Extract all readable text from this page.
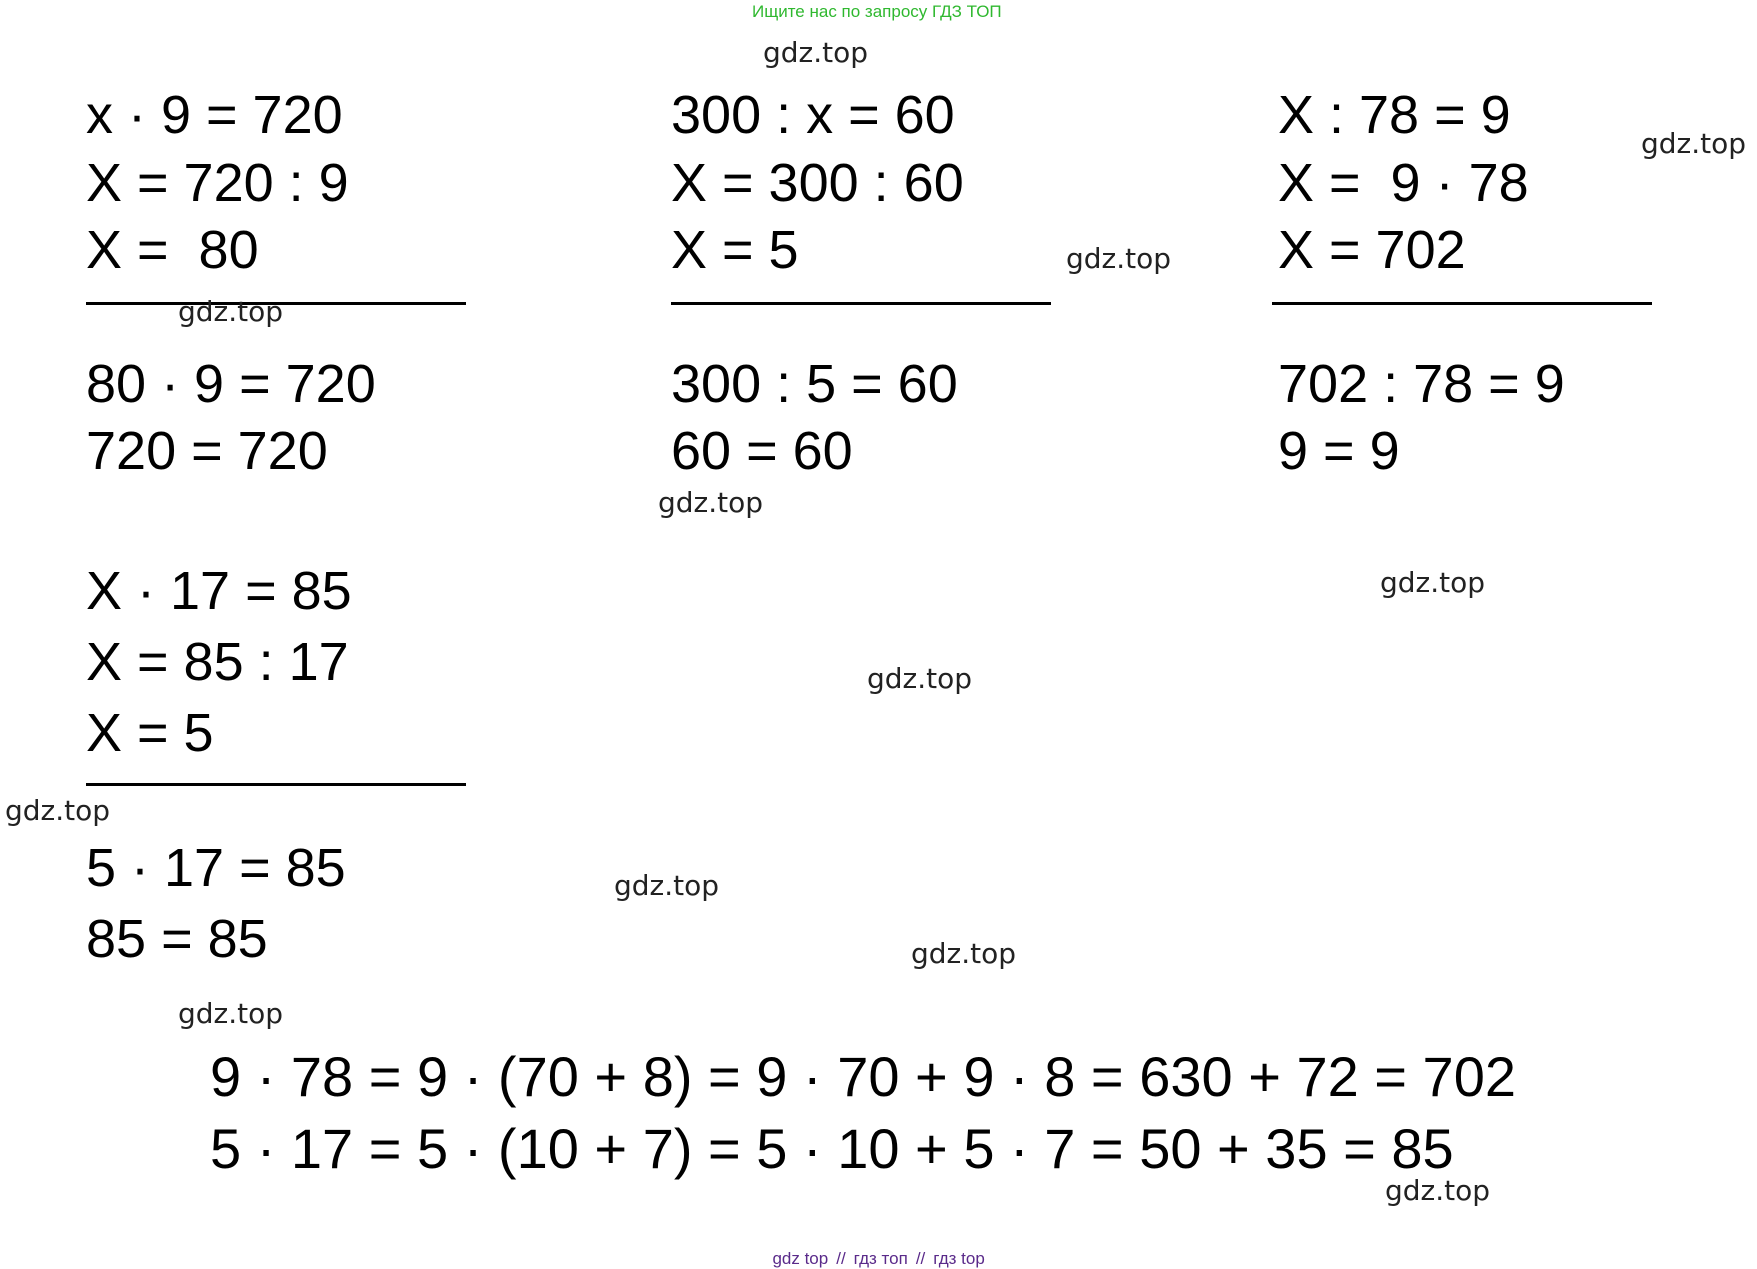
Ищите нас по запросу ГДЗ ТОП
x · 9 = 720
X = 720 : 9
X =  80
80 · 9 = 720
720 = 720
300 : x = 60
X = 300 : 60
X = 5
300 : 5 = 60
60 = 60
X : 78 = 9
X =  9 · 78
X = 702
702 : 78 = 9
9 = 9
X · 17 = 85
X = 85 : 17
X = 5
5 · 17 = 85
85 = 85
9 · 78 = 9 · (70 + 8) = 9 · 70 + 9 · 8 = 630 + 72 = 702
5 · 17 = 5 · (10 + 7) = 5 · 10 + 5 · 7 = 50 + 35 = 85
gdz.top
gdz.top
gdz.top
gdz.top
gdz.top
gdz.top
gdz.top
gdz.top
gdz.top
gdz.top
gdz.top
gdz.top

gdz top // гдз топ // гдз top
